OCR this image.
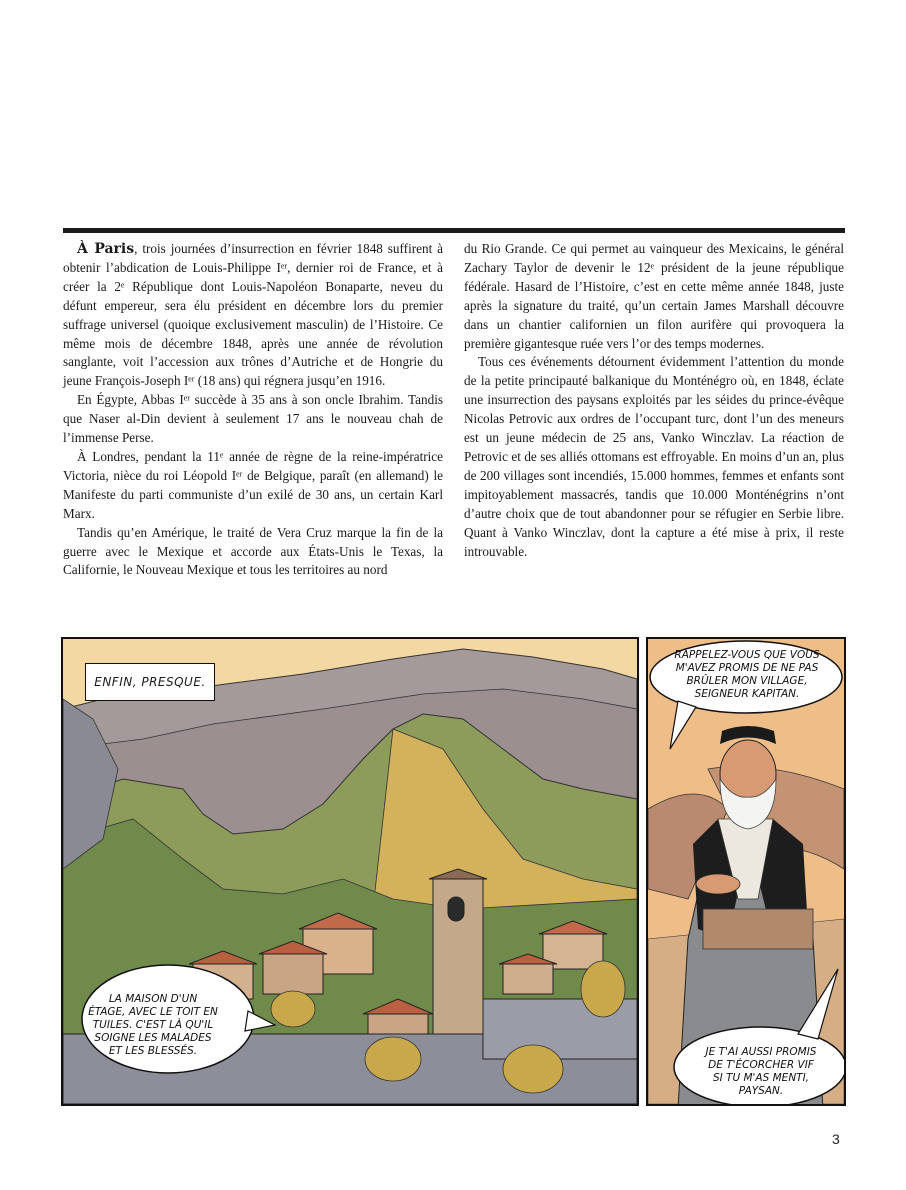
À Paris, trois journées d’insurrection en février 1848 suffirent à obtenir l’abdication de Louis-Philippe Iᵉʳ, dernier roi de France, et à créer la 2ᵉ République dont Louis-Napoléon Bonaparte, neveu du défunt empereur, sera élu président en décembre lors du premier suffrage universel (quoique exclusivement masculin) de l’Histoire. Ce même mois de décembre 1848, après une année de révolution sanglante, voit l’accession aux trônes d’Autriche et de Hongrie du jeune François-Joseph Iᵉʳ (18 ans) qui régnera jusqu’en 1916.

En Égypte, Abbas Iᵉʳ succède à 35 ans à son oncle Ibrahim. Tandis que Naser al-Din devient à seulement 17 ans le nouveau chah de l’immense Perse.

À Londres, pendant la 11ᵉ année de règne de la reine-impératrice Victoria, nièce du roi Léopold Iᵉʳ de Belgique, paraît (en allemand) le Manifeste du parti communiste d’un exilé de 30 ans, un certain Karl Marx.

Tandis qu’en Amérique, le traité de Vera Cruz marque la fin de la guerre avec le Mexique et accorde aux États-Unis le Texas, la Californie, le Nouveau Mexique et tous les territoires au nord

du Rio Grande. Ce qui permet au vainqueur des Mexicains, le général Zachary Taylor de devenir le 12ᵉ président de la jeune république fédérale. Hasard de l’Histoire, c’est en cette même année 1848, juste après la signature du traité, qu’un certain James Marshall découvre dans un chantier californien un filon aurifère qui provoquera la première gigantesque ruée vers l’or des temps modernes.

Tous ces événements détournent évidemment l’attention du monde de la petite principauté balkanique du Monténégro où, en 1848, éclate une insurrection des paysans exploités par les séides du prince-évêque Nicolas Petrovic aux ordres de l’occupant turc, dont l’un des meneurs est un jeune médecin de 25 ans, Vanko Winczlav. La réaction de Petrovic et de ses alliés ottomans est effroyable. En moins d’un an, plus de 200 villages sont incendiés, 15.000 hommes, femmes et enfants sont impitoyablement massacrés, tandis que 10.000 Monténégrins n’ont d’autre choix que de tout abandonner pour se réfugier en Serbie libre. Quant à Vanko Winczlav, dont la capture a été mise à prix, il reste introuvable.

ENFIN, PRESQUE.
LA MAISON D'UN
ÉTAGE, AVEC LE TOIT EN
TUILES. C'EST LÀ QU'IL
SOIGNE LES MALADES
ET LES BLESSÉS.
RAPPELEZ-VOUS QUE VOUS
M'AVEZ PROMIS DE NE PAS
BRÛLER MON VILLAGE,
SEIGNEUR KAPITAN.
JE T'AI AUSSI PROMIS
DE T'ÉCORCHER VIF
SI TU M'AS MENTI,
PAYSAN.
3
